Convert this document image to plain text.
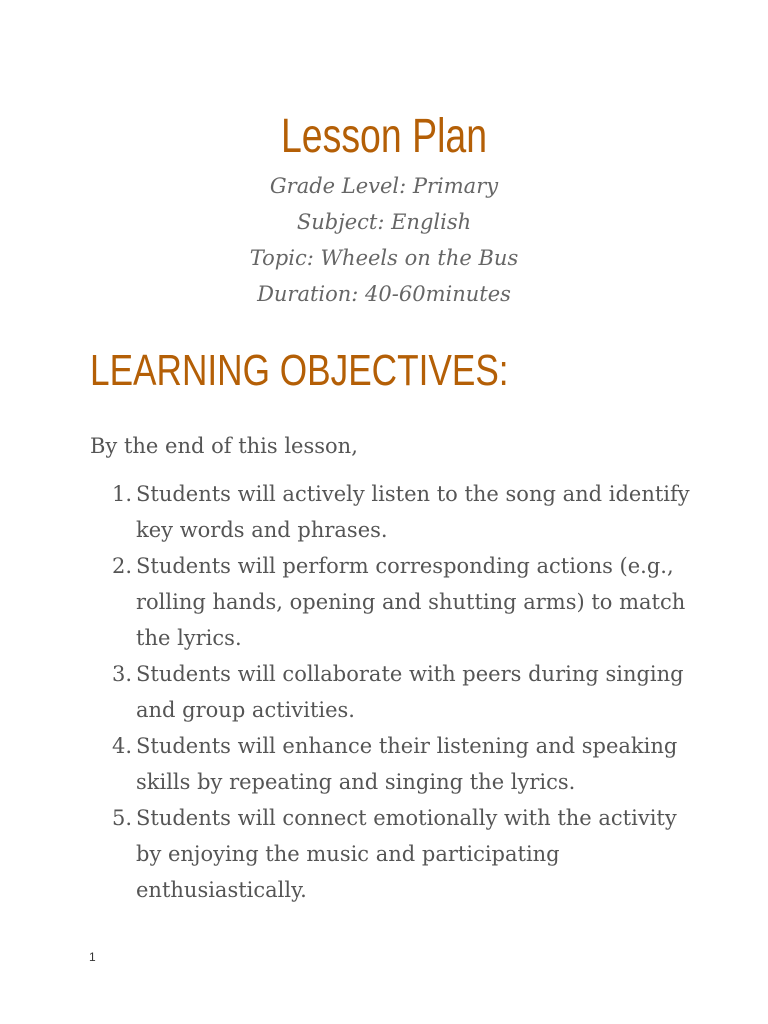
Lesson Plan
Grade Level: Primary
Subject: English
Topic: Wheels on the Bus
Duration: 40-60minutes
LEARNING OBJECTIVES:
By the end of this lesson,
1. Students will actively listen to the song and identify key words and phrases.
2. Students will perform corresponding actions (e.g., rolling hands, opening and shutting arms) to match the lyrics.
3. Students will collaborate with peers during singing and group activities.
4. Students will enhance their listening and speaking skills by repeating and singing the lyrics.
5. Students will connect emotionally with the activity by enjoying the music and participating enthusiastically.
1
